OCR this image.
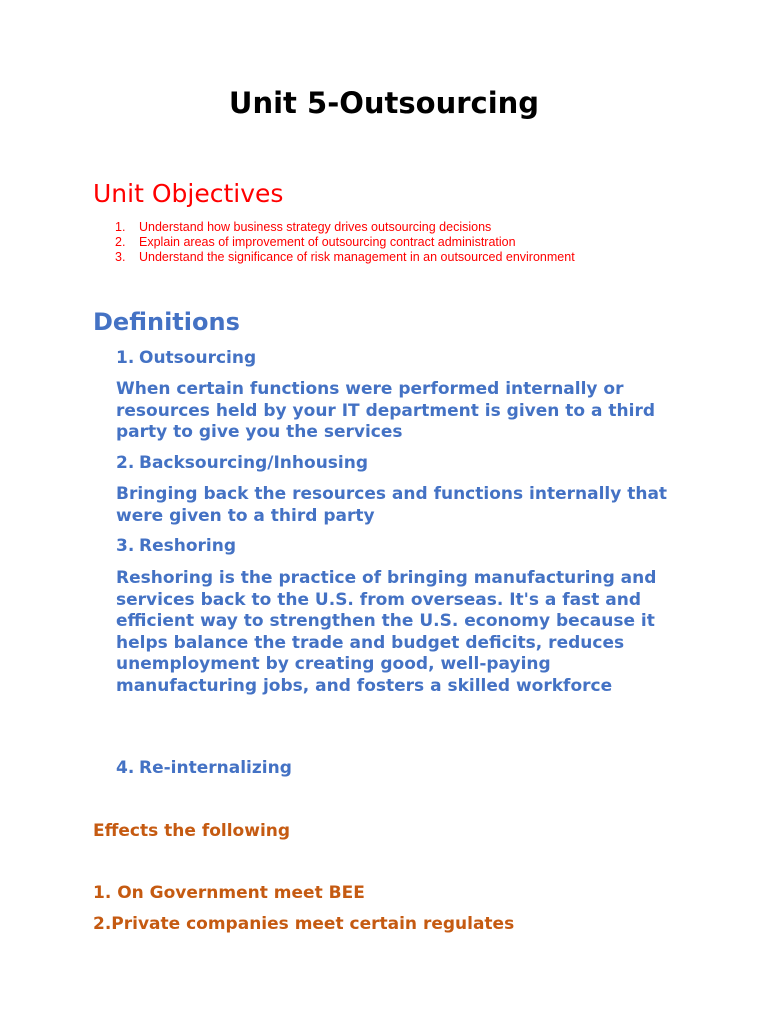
Unit 5-Outsourcing
Unit Objectives
1. Understand how business strategy drives outsourcing decisions
2. Explain areas of improvement of outsourcing contract administration
3. Understand the significance of risk management in an outsourced environment
Definitions

1. Outsourcing

When certain functions were performed internally or resources held by your IT department is given to a third party to give you the services

2. Backsourcing/Inhousing

Bringing back the resources and functions internally that were given to a third party

3. Reshoring

Reshoring is the practice of bringing manufacturing and services back to the U.S. from overseas. It's a fast and efficient way to strengthen the U.S. economy because it helps balance the trade and budget deficits, reduces unemployment by creating good, well-paying manufacturing jobs, and fosters a skilled workforce

4. Re-internalizing

Effects the following

1. On Government meet BEE

2.Private companies meet certain regulates
